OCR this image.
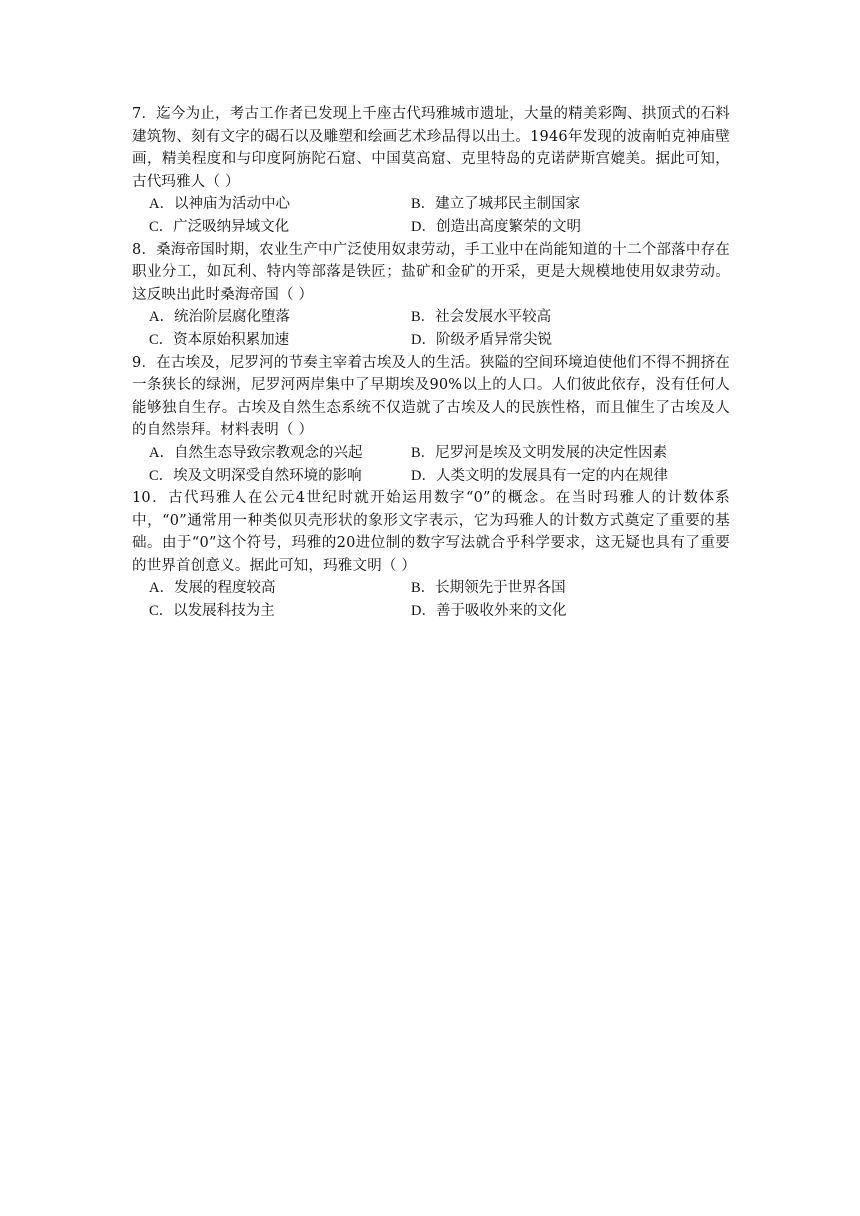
7．迄今为止，考古工作者已发现上千座古代玛雅城市遗址，大量的精美彩陶、拱顶式的石料建筑物、刻有文字的碣石以及雕塑和绘画艺术珍品得以出土。1946年发现的波南帕克神庙壁画，精美程度和与印度阿旃陀石窟、中国莫高窟、克里特岛的克诺萨斯宫媲美。据此可知，古代玛雅人（ ）

A．以神庙为活动中心	B．建立了城邦民主制国家
C．广泛吸纳异域文化	D．创造出高度繁荣的文明

8．桑海帝国时期，农业生产中广泛使用奴隶劳动，手工业中在尚能知道的十二个部落中存在职业分工，如瓦利、特内等部落是铁匠；盐矿和金矿的开采，更是大规模地使用奴隶劳动。这反映出此时桑海帝国（ ）

A．统治阶层腐化堕落	B．社会发展水平较高
C．资本原始积累加速	D．阶级矛盾异常尖锐

9．在古埃及，尼罗河的节奏主宰着古埃及人的生活。狭隘的空间环境迫使他们不得不拥挤在一条狭长的绿洲，尼罗河两岸集中了早期埃及90%以上的人口。人们彼此依存，没有任何人能够独自生存。古埃及自然生态系统不仅造就了古埃及人的民族性格，而且催生了古埃及人的自然崇拜。材料表明（ ）

A．自然生态导致宗教观念的兴起	B．尼罗河是埃及文明发展的决定性因素
C．埃及文明深受自然环境的影响	D．人类文明的发展具有一定的内在规律

10．古代玛雅人在公元4世纪时就开始运用数字“0”的概念。在当时玛雅人的计数体系中，“0”通常用一种类似贝壳形状的象形文字表示，它为玛雅人的计数方式奠定了重要的基础。由于“0”这个符号，玛雅的20进位制的数字写法就合乎科学要求，这无疑也具有了重要的世界首创意义。据此可知，玛雅文明（ ）

A．发展的程度较高	B．长期领先于世界各国
C．以发展科技为主	D．善于吸收外来的文化
